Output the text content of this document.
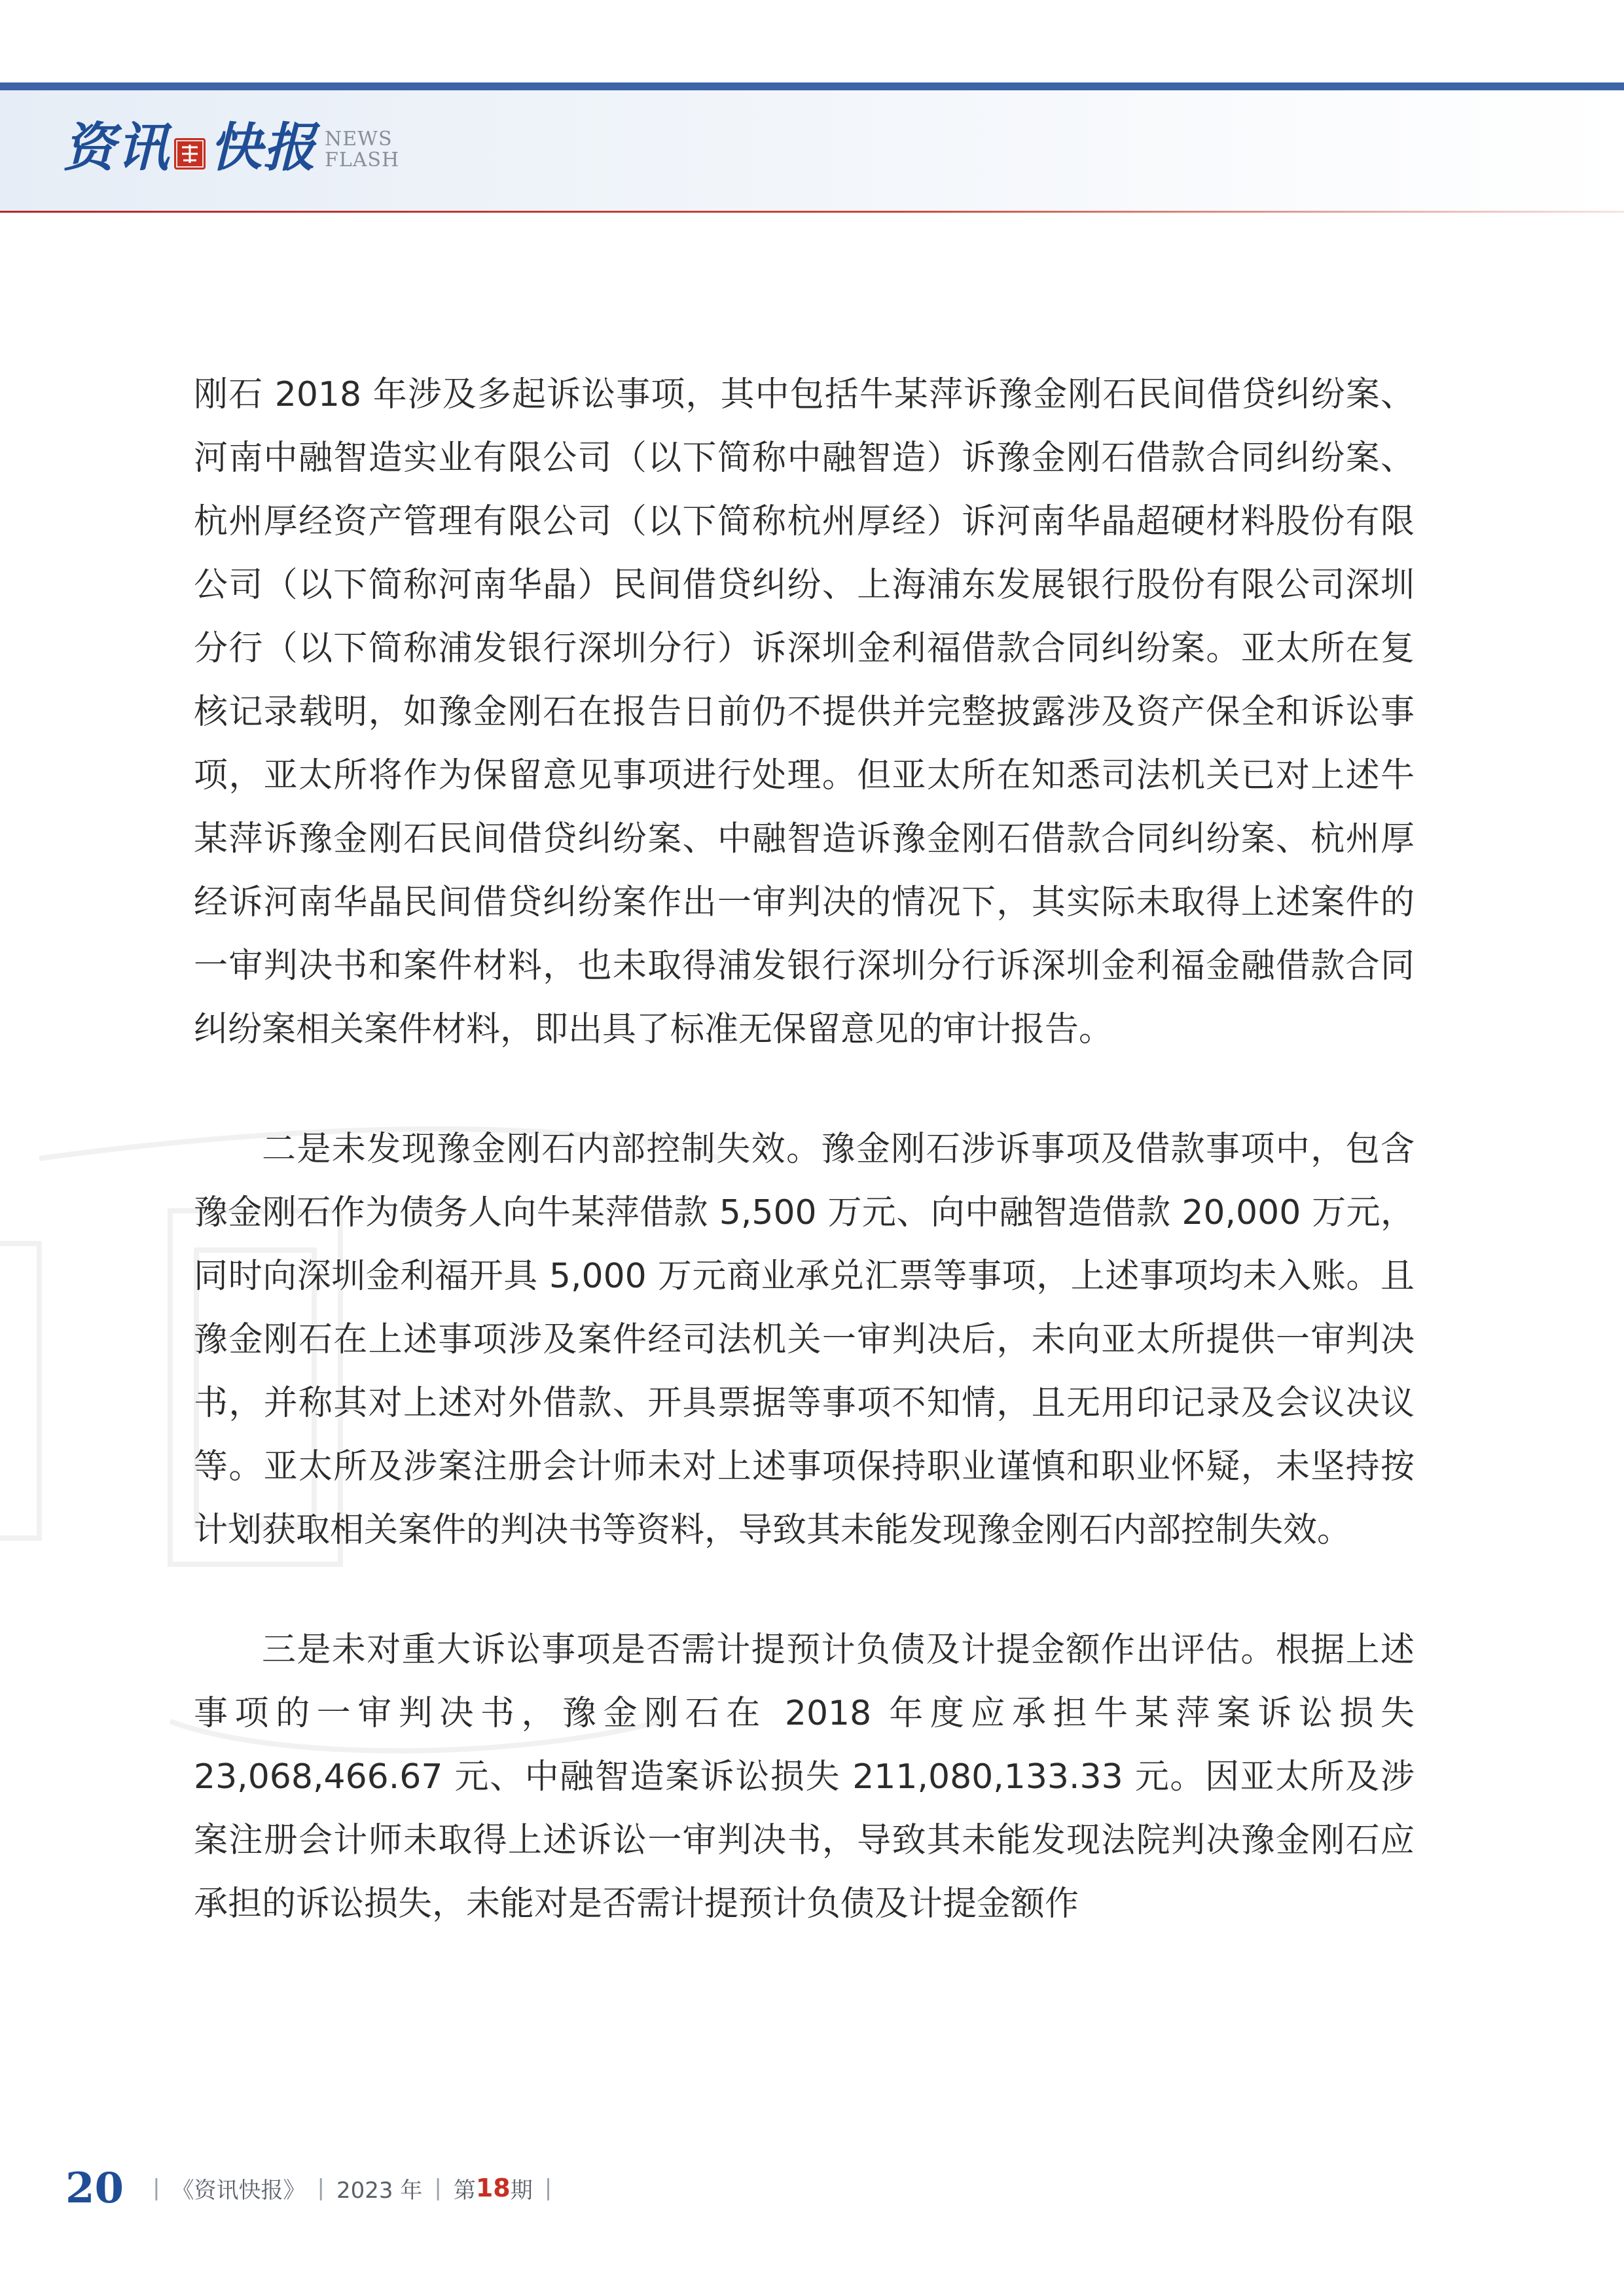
资讯 快报 NEWS
FLASH

刚石 2018 年涉及多起诉讼事项，其中包括牛某萍诉豫金刚石民间借贷纠纷案、河南中融智造实业有限公司（以下简称中融智造）诉豫金刚石借款合同纠纷案、杭州厚经资产管理有限公司（以下简称杭州厚经）诉河南华晶超硬材料股份有限公司（以下简称河南华晶）民间借贷纠纷、上海浦东发展银行股份有限公司深圳分行（以下简称浦发银行深圳分行）诉深圳金利福借款合同纠纷案。亚太所在复核记录载明，如豫金刚石在报告日前仍不提供并完整披露涉及资产保全和诉讼事项，亚太所将作为保留意见事项进行处理。但亚太所在知悉司法机关已对上述牛某萍诉豫金刚石民间借贷纠纷案、中融智造诉豫金刚石借款合同纠纷案、杭州厚经诉河南华晶民间借贷纠纷案作出一审判决的情况下，其实际未取得上述案件的一审判决书和案件材料，也未取得浦发银行深圳分行诉深圳金利福金融借款合同纠纷案相关案件材料，即出具了标准无保留意见的审计报告。

二是未发现豫金刚石内部控制失效。豫金刚石涉诉事项及借款事项中，包含豫金刚石作为债务人向牛某萍借款 5,500 万元、向中融智造借款 20,000 万元，同时向深圳金利福开具 5,000 万元商业承兑汇票等事项，上述事项均未入账。且豫金刚石在上述事项涉及案件经司法机关一审判决后，未向亚太所提供一审判决书，并称其对上述对外借款、开具票据等事项不知情，且无用印记录及会议决议等。亚太所及涉案注册会计师未对上述事项保持职业谨慎和职业怀疑，未坚持按计划获取相关案件的判决书等资料，导致其未能发现豫金刚石内部控制失效。

三是未对重大诉讼事项是否需计提预计负债及计提金额作出评估。根据上述事项的一审判决书，豫金刚石在 2018 年度应承担牛某萍案诉讼损失 23,068,466.67 元、中融智造案诉讼损失 211,080,133.33 元。因亚太所及涉案注册会计师未取得上述诉讼一审判决书，导致其未能发现法院判决豫金刚石应承担的诉讼损失，未能对是否需计提预计负债及计提金额作

20 | 《资讯快报》 | 2023 年 | 第 18 期 |
